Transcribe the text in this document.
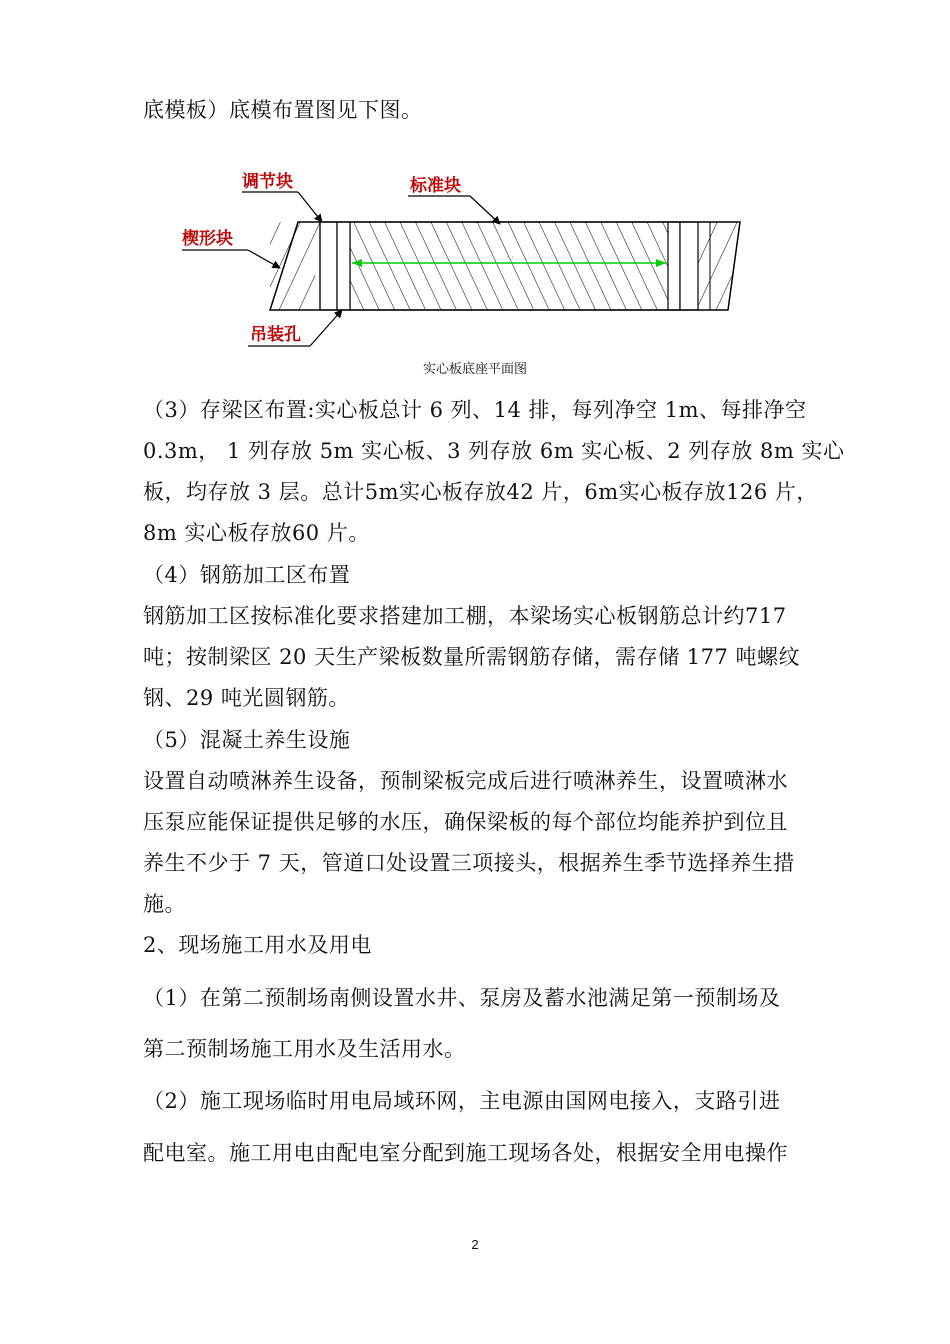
底模板）底模布置图见下图。
· ·
调节块	标准块
楔形块
吊装孔
实心板底座平面图
（3）存梁区布置:实心板总计 6 列、14 排，每列净空 1m、每排净空
0.3m， 1 列存放 5m 实心板、3 列存放 6m 实心板、2 列存放 8m 实心
板，均存放 3 层。总计5m实心板存放42 片，6m实心板存放126 片，
8m 实心板存放60 片。
（4）钢筋加工区布置
钢筋加工区按标准化要求搭建加工棚，本梁场实心板钢筋总计约717
吨；按制梁区 20 天生产梁板数量所需钢筋存储，需存储 177 吨螺纹
钢、29 吨光圆钢筋。
（5）混凝土养生设施
设置自动喷淋养生设备，预制梁板完成后进行喷淋养生，设置喷淋水
压泵应能保证提供足够的水压，确保梁板的每个部位均能养护到位且
养生不少于 7 天，管道口处设置三项接头，根据养生季节选择养生措
施。
2、现场施工用水及用电
（1）在第二预制场南侧设置水井、泵房及蓄水池满足第一预制场及
第二预制场施工用水及生活用水。
（2）施工现场临时用电局域环网，主电源由国网电接入，支路引进
配电室。施工用电由配电室分配到施工现场各处，根据安全用电操作
2
